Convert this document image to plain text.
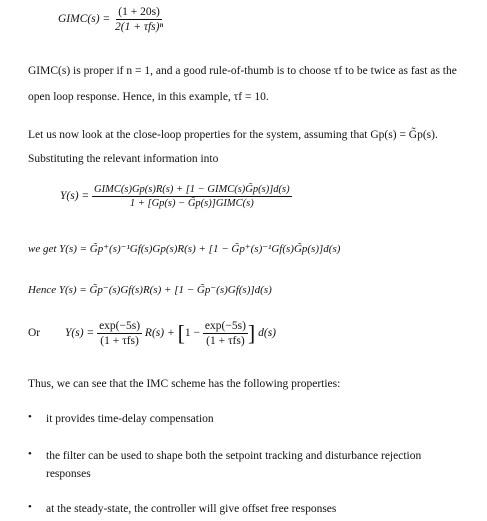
$GIMC(s) = \frac{(1 + 20s)}{\text{2(1 + τfs)ⁿ}}$
GIMC(s) is proper if n = 1, and a good rule-of-thumb is to choose τf to be twice as fast as the
open loop response. Hence, in this example, τf = 10.
Let us now look at the close-loop properties for the system, assuming that Gp(s) = G̃p(s).
Substituting the relevant information into
$Y(s) = \frac{\text{GIMC(s)Gp(s)R(s) + [1 − GIMC(s)G̃p(s)]d(s)}}{\text{1 + [Gp(s) − G̃p(s)]GIMC(s)}}$
we get Y(s) = G̃p⁺(s)⁻¹Gf(s)Gp(s)R(s) + [1 − G̃p⁺(s)⁻¹Gf(s)G̃p(s)]d(s)
Hence Y(s) = G̃p⁻(s)Gf(s)R(s) + [1 − G̃p⁻(s)Gf(s)]d(s)
Or $Y(s) = \frac{\exp(-5s)}{\text{(1 + τfs)}} R(s) + [1 - \frac{\exp(-5s)}{\text{(1 + τfs)}}$ ] d(s)
Thus, we can see that the IMC scheme has the following properties:
• it provides time-delay compensation
• the filter can be used to shape both the setpoint tracking and disturbance rejection
responses
• at the steady-state, the controller will give offset free responses
